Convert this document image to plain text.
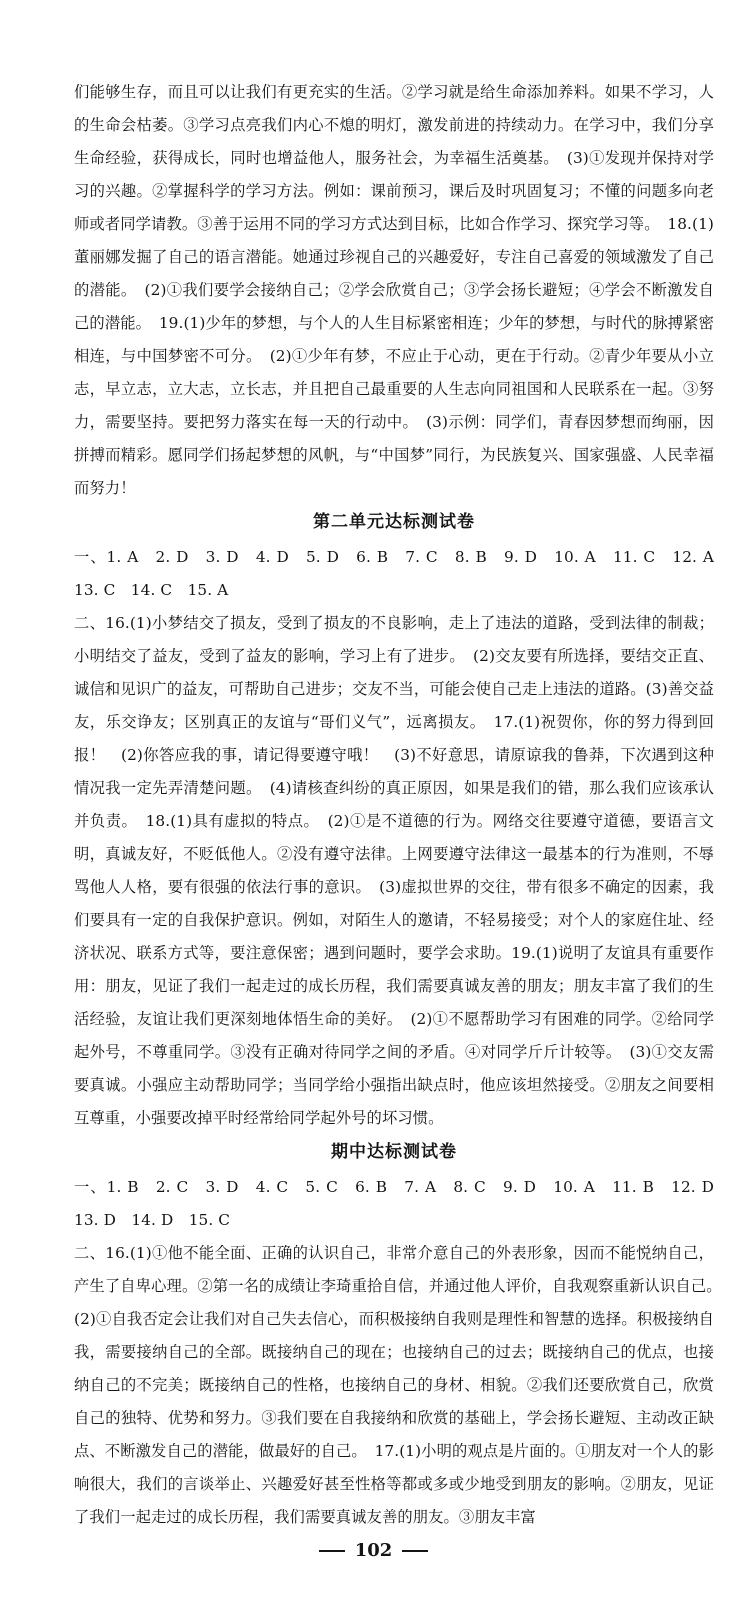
们能够生存，而且可以让我们有更充实的生活。②学习就是给生命添加养料。如果不学习，人的生命会枯萎。③学习点亮我们内心不熄的明灯，激发前进的持续动力。在学习中，我们分享生命经验，获得成长，同时也增益他人，服务社会，为幸福生活奠基。　(3)①发现并保持对学习的兴趣。②掌握科学的学习方法。例如：课前预习，课后及时巩固复习；不懂的问题多向老师或者同学请教。③善于运用不同的学习方式达到目标，比如合作学习、探究学习等。　18.(1)董丽娜发掘了自己的语言潜能。她通过珍视自己的兴趣爱好，专注自己喜爱的领域激发了自己的潜能。　(2)①我们要学会接纳自己；②学会欣赏自己；③学会扬长避短；④学会不断激发自己的潜能。　19.(1)少年的梦想，与个人的人生目标紧密相连；少年的梦想，与时代的脉搏紧密相连，与中国梦密不可分。　(2)①少年有梦，不应止于心动，更在于行动。②青少年要从小立志，早立志，立大志，立长志，并且把自己最重要的人生志向同祖国和人民联系在一起。③努力，需要坚持。要把努力落实在每一天的行动中。　(3)示例：同学们，青春因梦想而绚丽，因拼搏而精彩。愿同学们扬起梦想的风帆，与“中国梦”同行，为民族复兴、国家强盛、人民幸福而努力！

第二单元达标测试卷

一、1. A　2. D　3. D　4. D　5. D　6. B　7. C　8. B　9. D　10. A　11. C　12. A　13. C　14. C　15. A

二、16.(1)小梦结交了损友，受到了损友的不良影响，走上了违法的道路，受到法律的制裁；小明结交了益友，受到了益友的影响，学习上有了进步。　(2)交友要有所选择，要结交正直、诚信和见识广的益友，可帮助自己进步；交友不当，可能会使自己走上违法的道路。(3)善交益友，乐交诤友；区别真正的友谊与“哥们义气”，远离损友。　17.(1)祝贺你，你的努力得到回报！　(2)你答应我的事，请记得要遵守哦！　(3)不好意思，请原谅我的鲁莽，下次遇到这种情况我一定先弄清楚问题。　(4)请核查纠纷的真正原因，如果是我们的错，那么我们应该承认并负责。　18.(1)具有虚拟的特点。　(2)①是不道德的行为。网络交往要遵守道德，要语言文明，真诚友好，不贬低他人。②没有遵守法律。上网要遵守法律这一最基本的行为准则，不辱骂他人人格，要有很强的依法行事的意识。　(3)虚拟世界的交往，带有很多不确定的因素，我们要具有一定的自我保护意识。例如，对陌生人的邀请，不轻易接受；对个人的家庭住址、经济状况、联系方式等，要注意保密；遇到问题时，要学会求助。19.(1)说明了友谊具有重要作用：朋友，见证了我们一起走过的成长历程，我们需要真诚友善的朋友；朋友丰富了我们的生活经验，友谊让我们更深刻地体悟生命的美好。　(2)①不愿帮助学习有困难的同学。②给同学起外号，不尊重同学。③没有正确对待同学之间的矛盾。④对同学斤斤计较等。　(3)①交友需要真诚。小强应主动帮助同学；当同学给小强指出缺点时，他应该坦然接受。②朋友之间要相互尊重，小强要改掉平时经常给同学起外号的坏习惯。

期中达标测试卷

一、1. B　2. C　3. D　4. C　5. C　6. B　7. A　8. C　9. D　10. A　11. B　12. D　13. D　14. D　15. C

二、16.(1)①他不能全面、正确的认识自己，非常介意自己的外表形象，因而不能悦纳自己，产生了自卑心理。②第一名的成绩让李琦重拾自信，并通过他人评价，自我观察重新认识自己。　(2)①自我否定会让我们对自己失去信心，而积极接纳自我则是理性和智慧的选择。积极接纳自我，需要接纳自己的全部。既接纳自己的现在；也接纳自己的过去；既接纳自己的优点，也接纳自己的不完美；既接纳自己的性格，也接纳自己的身材、相貌。②我们还要欣赏自己，欣赏自己的独特、优势和努力。③我们要在自我接纳和欣赏的基础上，学会扬长避短、主动改正缺点、不断激发自己的潜能，做最好的自己。　17.(1)小明的观点是片面的。①朋友对一个人的影响很大，我们的言谈举止、兴趣爱好甚至性格等都或多或少地受到朋友的影响。②朋友，见证了我们一起走过的成长历程，我们需要真诚友善的朋友。③朋友丰富

102
